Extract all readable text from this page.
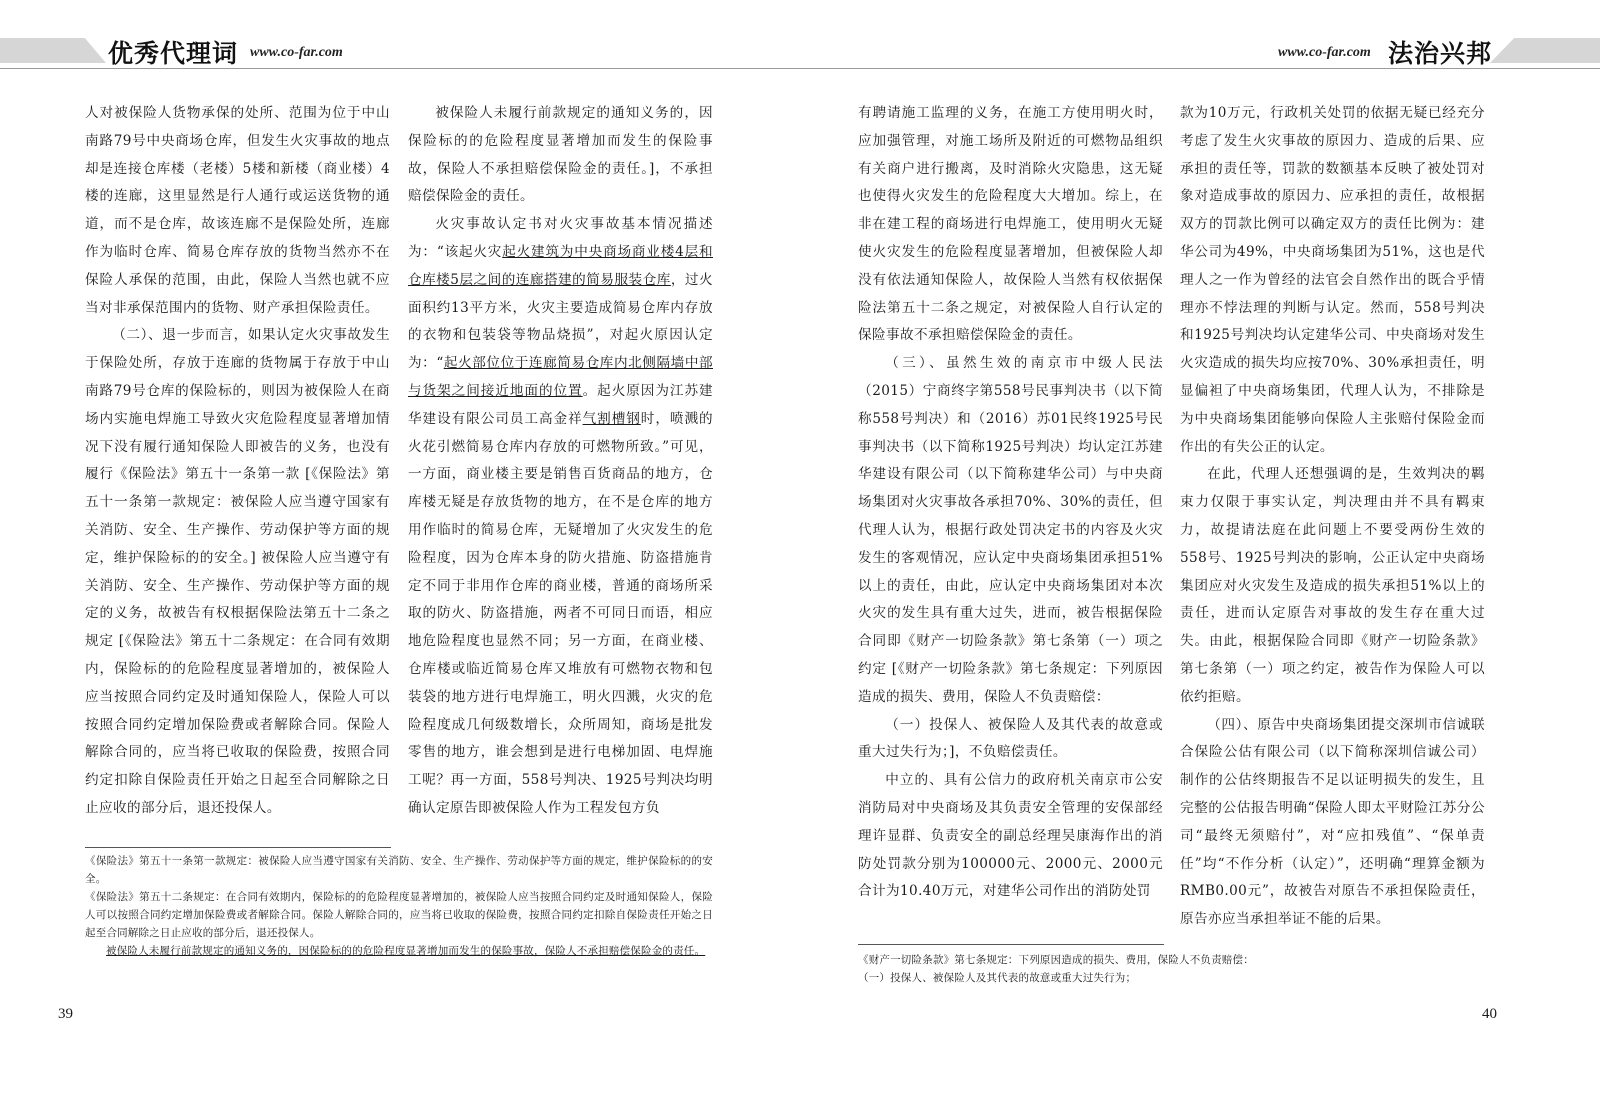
优秀代理词 www.co-far.com

人对被保险人货物承保的处所、范围为位于中山南路79号中央商场仓库，但发生火灾事故的地点却是连接仓库楼（老楼）5楼和新楼（商业楼）4楼的连廊，这里显然是行人通行或运送货物的通道，而不是仓库，故该连廊不是保险处所，连廊作为临时仓库、简易仓库存放的货物当然亦不在保险人承保的范围，由此，保险人当然也就不应当对非承保范围内的货物、财产承担保险责任。

（二）、退一步而言，如果认定火灾事故发生于保险处所，存放于连廊的货物属于存放于中山南路79号仓库的保险标的，则因为被保险人在商场内实施电焊施工导致火灾危险程度显著增加情况下没有履行通知保险人即被告的义务，也没有履行《保险法》第五十一条第一款 [《保险法》第五十一条第一款规定：被保险人应当遵守国家有关消防、安全、生产操作、劳动保护等方面的规定，维护保险标的的安全。] 被保险人应当遵守有关消防、安全、生产操作、劳动保护等方面的规定的义务，故被告有权根据保险法第五十二条之规定 [《保险法》第五十二条规定：在合同有效期内，保险标的的危险程度显著增加的，被保险人应当按照合同约定及时通知保险人，保险人可以按照合同约定增加保险费或者解除合同。保险人解除合同的，应当将已收取的保险费，按照合同约定扣除自保险责任开始之日起至合同解除之日止应收的部分后，退还投保人。

被保险人未履行前款规定的通知义务的，因保险标的的危险程度显著增加而发生的保险事故，保险人不承担赔偿保险金的责任。]，不承担赔偿保险金的责任。

火灾事故认定书对火灾事故基本情况描述为：“该起火灾起火建筑为中央商场商业楼4层和仓库楼5层之间的连廊搭建的简易服装仓库，过火面积约13平方米，火灾主要造成简易仓库内存放的衣物和包装袋等物品烧损”，对起火原因认定为：“起火部位位于连廊简易仓库内北侧隔墙中部与货架之间接近地面的位置。起火原因为江苏建华建设有限公司员工高金祥气割槽钢时，喷溅的火花引燃简易仓库内存放的可燃物所致。”可见，一方面，商业楼主要是销售百货商品的地方，仓库楼无疑是存放货物的地方，在不是仓库的地方用作临时的简易仓库，无疑增加了火灾发生的危险程度，因为仓库本身的防火措施、防盗措施肯定不同于非用作仓库的商业楼，普通的商场所采取的防火、防盗措施，两者不可同日而语，相应地危险程度也显然不同；另一方面，在商业楼、仓库楼或临近简易仓库又堆放有可燃物衣物和包装袋的地方进行电焊施工，明火四溅，火灾的危险程度成几何级数增长，众所周知，商场是批发零售的地方，谁会想到是进行电梯加固、电焊施工呢？再一方面，558号判决、1925号判决均明确认定原告即被保险人作为工程发包方负

《保险法》第五十一条第一款规定：被保险人应当遵守国家有关消防、安全、生产操作、劳动保护等方面的规定，维护保险标的的安全。

《保险法》第五十二条规定：在合同有效期内，保险标的的危险程度显著增加的，被保险人应当按照合同约定及时通知保险人，保险人可以按照合同约定增加保险费或者解除合同。保险人解除合同的，应当将已收取的保险费，按照合同约定扣除自保险责任开始之日起至合同解除之日止应收的部分后，退还投保人。

被保险人未履行前款规定的通知义务的，因保险标的的危险程度显著增加而发生的保险事故，保险人不承担赔偿保险金的责任。

39
www.co-far.com 法治兴邦

有聘请施工监理的义务，在施工方使用明火时，应加强管理，对施工场所及附近的可燃物品组织有关商户进行搬离，及时消除火灾隐患，这无疑也使得火灾发生的危险程度大大增加。综上，在非在建工程的商场进行电焊施工，使用明火无疑使火灾发生的危险程度显著增加，但被保险人却没有依法通知保险人，故保险人当然有权依据保险法第五十二条之规定，对被保险人自行认定的保险事故不承担赔偿保险金的责任。

（三）、虽然生效的南京市中级人民法（2015）宁商终字第558号民事判决书（以下简称558号判决）和（2016）苏01民终1925号民事判决书（以下简称1925号判决）均认定江苏建华建设有限公司（以下简称建华公司）与中央商场集团对火灾事故各承担70%、30%的责任，但代理人认为，根据行政处罚决定书的内容及火灾发生的客观情况，应认定中央商场集团承担51%以上的责任，由此，应认定中央商场集团对本次火灾的发生具有重大过失，进而，被告根据保险合同即《财产一切险条款》第七条第（一）项之约定 [《财产一切险条款》第七条规定：下列原因造成的损失、费用，保险人不负责赔偿：

（一）投保人、被保险人及其代表的故意或重大过失行为；]，不负赔偿责任。

中立的、具有公信力的政府机关南京市公安消防局对中央商场及其负责安全管理的安保部经理许显群、负责安全的副总经理吴康海作出的消防处罚款分别为100000元、2000元、2000元合计为10.40万元，对建华公司作出的消防处罚

款为10万元，行政机关处罚的依据无疑已经充分考虑了发生火灾事故的原因力、造成的后果、应承担的责任等，罚款的数额基本反映了被处罚对象对造成事故的原因力、应承担的责任，故根据双方的罚款比例可以确定双方的责任比例为：建华公司为49%，中央商场集团为51%，这也是代理人之一作为曾经的法官会自然作出的既合乎情理亦不悖法理的判断与认定。然而，558号判决和1925号判决均认定建华公司、中央商场对发生火灾造成的损失均应按70%、30%承担责任，明显偏袒了中央商场集团，代理人认为，不排除是为中央商场集团能够向保险人主张赔付保险金而作出的有失公正的认定。

在此，代理人还想强调的是，生效判决的羁束力仅限于事实认定，判决理由并不具有羁束力，故提请法庭在此问题上不要受两份生效的558号、1925号判决的影响，公正认定中央商场集团应对火灾发生及造成的损失承担51%以上的责任，进而认定原告对事故的发生存在重大过失。由此，根据保险合同即《财产一切险条款》第七条第（一）项之约定，被告作为保险人可以依约拒赔。

（四）、原告中央商场集团提交深圳市信诚联合保险公估有限公司（以下简称深圳信诚公司）制作的公估终期报告不足以证明损失的发生，且完整的公估报告明确“保险人即太平财险江苏分公司“最终无须赔付”，对“应扣残值”、“保单责任”均“不作分析（认定）”，还明确“理算金额为RMB0.00元”，故被告对原告不承担保险责任，原告亦应当承担举证不能的后果。

《财产一切险条款》第七条规定：下列原因造成的损失、费用，保险人不负责赔偿：

（一）投保人、被保险人及其代表的故意或重大过失行为；

40
